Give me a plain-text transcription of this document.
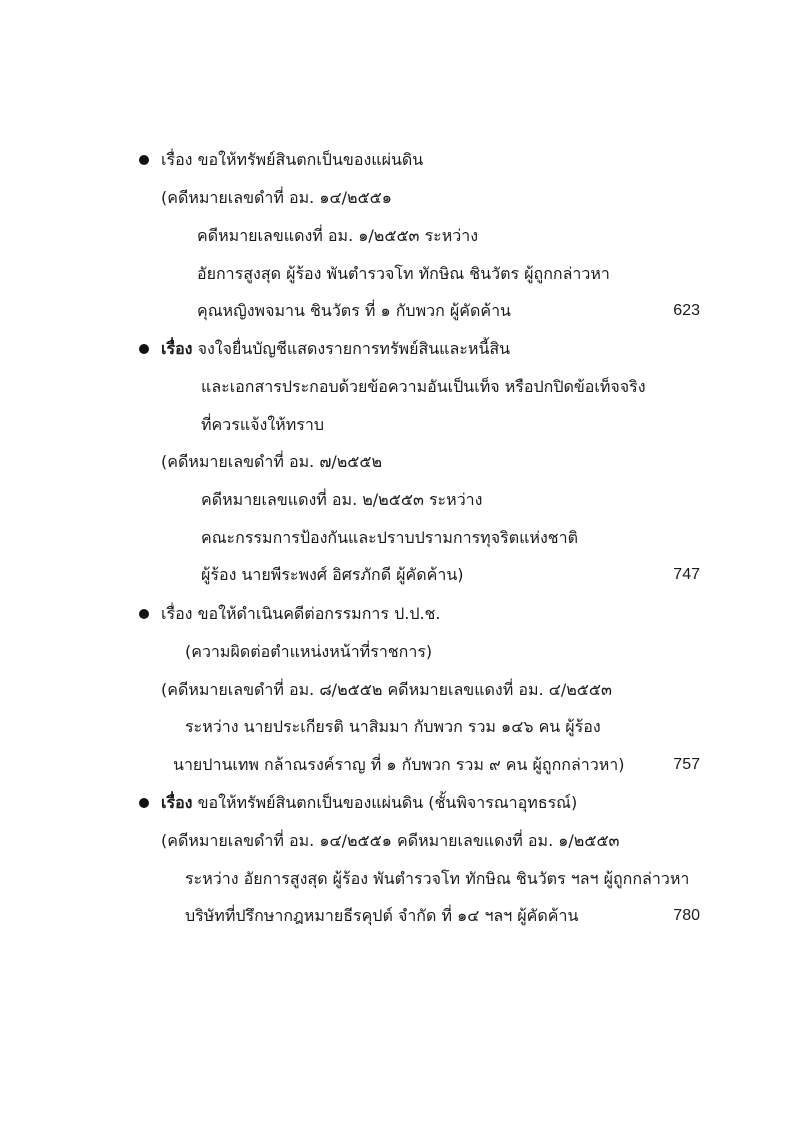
เรื่อง ขอให้ทรัพย์สินตกเป็นของแผ่นดิน
(คดีหมายเลขดำที่ อม. ๑๔/๒๕๕๑
คดีหมายเลขแดงที่ อม. ๑/๒๕๕๓ ระหว่าง
อัยการสูงสุด ผู้ร้อง พันตำรวจโท ทักษิณ ชินวัตร ผู้ถูกกล่าวหา
คุณหญิงพจมาน ชินวัตร ที่ ๑ กับพวก ผู้คัดค้าน	623
เรื่อง จงใจยื่นบัญชีแสดงรายการทรัพย์สินและหนี้สิน
และเอกสารประกอบด้วยข้อความอันเป็นเท็จ หรือปกปิดข้อเท็จจริง
ที่ควรแจ้งให้ทราบ
(คดีหมายเลขดำที่ อม. ๗/๒๕๕๒
คดีหมายเลขแดงที่ อม. ๒/๒๕๕๓ ระหว่าง
คณะกรรมการป้องกันและปราบปรามการทุจริตแห่งชาติ
ผู้ร้อง นายพีระพงศ์ อิศรภักดี ผู้คัดค้าน)	747
เรื่อง ขอให้ดำเนินคดีต่อกรรมการ ป.ป.ช.
(ความผิดต่อตำแหน่งหน้าที่ราชการ)
(คดีหมายเลขดำที่ อม. ๘/๒๕๕๒ คดีหมายเลขแดงที่ อม. ๔/๒๕๕๓
ระหว่าง นายประเกียรติ นาสิมมา กับพวก รวม ๑๔๖ คน ผู้ร้อง
นายปานเทพ กล้าณรงค์ราญ ที่ ๑ กับพวก รวม ๙ คน ผู้ถูกกล่าวหา)	757
เรื่อง ขอให้ทรัพย์สินตกเป็นของแผ่นดิน (ชั้นพิจารณาอุทธรณ์)
(คดีหมายเลขดำที่ อม. ๑๔/๒๕๕๑ คดีหมายเลขแดงที่ อม. ๑/๒๕๕๓
ระหว่าง อัยการสูงสุด ผู้ร้อง พันตำรวจโท ทักษิณ ชินวัตร ฯลฯ ผู้ถูกกล่าวหา
บริษัทที่ปรึกษากฎหมายธีรคุปต์ จำกัด ที่ ๑๔ ฯลฯ ผู้คัดค้าน	780
